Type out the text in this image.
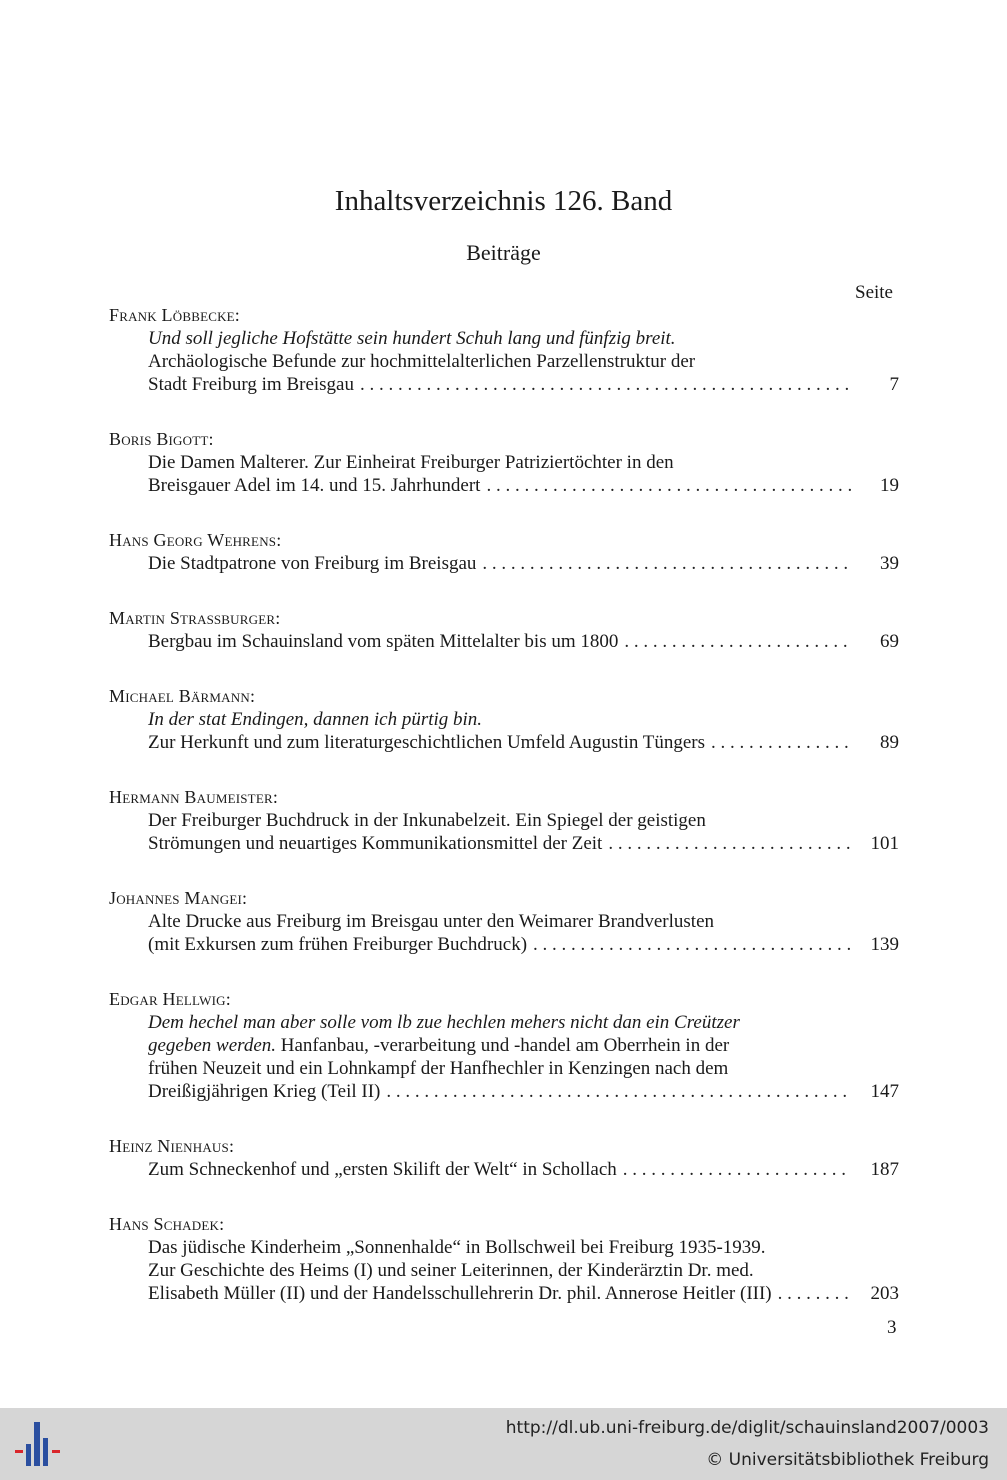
Inhaltsverzeichnis 126. Band
Beiträge
Seite
Frank Löbbecke:
Und soll jegliche Hofstätte sein hundert Schuh lang und fünfzig breit.
Archäologische Befunde zur hochmittelalterlichen Parzellenstruktur der
Stadt Freiburg im Breisgau . . .	7
Boris Bigott:
Die Damen Malterer. Zur Einheirat Freiburger Patriziertöchter in den
Breisgauer Adel im 14. und 15. Jahrhundert . . .	19
Hans Georg Wehrens:
Die Stadtpatrone von Freiburg im Breisgau . . .	39
Martin Straßburger:
Bergbau im Schauinsland vom späten Mittelalter bis um 1800 . . .	69
Michael Bärmann:
In der stat Endingen, dannen ich pürtig bin.
Zur Herkunft und zum literaturgeschichtlichen Umfeld Augustin Tüngers . . .	89
Hermann Baumeister:
Der Freiburger Buchdruck in der Inkunabelzeit. Ein Spiegel der geistigen
Strömungen und neuartiges Kommunikationsmittel der Zeit . . .	101
Johannes Mangei:
Alte Drucke aus Freiburg im Breisgau unter den Weimarer Brandverlusten
(mit Exkursen zum frühen Freiburger Buchdruck) . . .	139
Edgar Hellwig:
Dem hechel man aber solle vom lb zue hechlen mehers nicht dan ein Creützer
gegeben werden. Hanfanbau, -verarbeitung und -handel am Oberrhein in der
frühen Neuzeit und ein Lohnkampf der Hanfhechler in Kenzingen nach dem
Dreißigjährigen Krieg (Teil II) . . .	147
Heinz Nienhaus:
Zum Schneckenhof und „ersten Skilift der Welt“ in Schollach . . .	187
Hans Schadek:
Das jüdische Kinderheim „Sonnenhalde“ in Bollschweil bei Freiburg 1935-1939.
Zur Geschichte des Heims (I) und seiner Leiterinnen, der Kinderärztin Dr. med.
Elisabeth Müller (II) und der Handelsschullehrerin Dr. phil. Annerose Heitler (III) . . .	203
3
http://dl.ub.uni-freiburg.de/diglit/schauinsland2007/0003
© Universitätsbibliothek Freiburg
